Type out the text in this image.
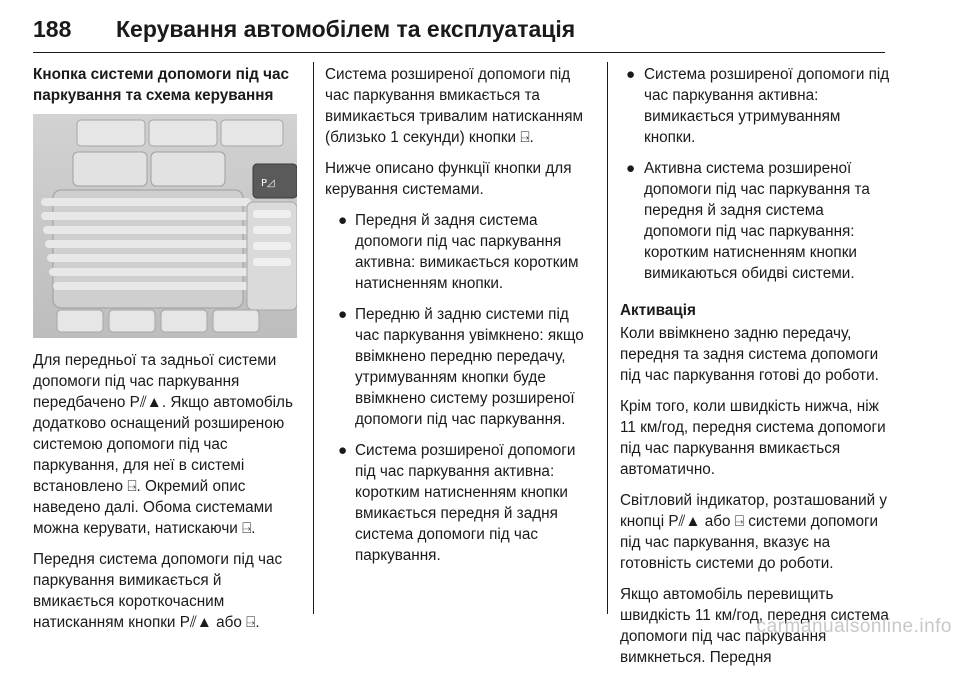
188 Керування автомобілем та експлуатація
Кнопка системи допомоги під час паркування та схема керування
P◿

Для передньої та задньої системи допомоги під час паркування передбачено P⫽▲. Якщо автомобіль додатково оснащений розширеною системою допомоги під час паркування, для неї в системі встановлено ⍈. Окремий опис наведено далі. Обома системами можна керувати, натискаючи ⍈.

Передня система допомоги під час паркування вимикається й вмикається короткочасним натисканням кнопки P⫽▲ або ⍈.

Система розширеної допомоги під час паркування вмикається та вимикається тривалим натисканням (близько 1 секунди) кнопки ⍈.

Нижче описано функції кнопки для керування системами.

● Передня й задня система допомоги під час паркування активна: вимикається коротким натисненням кнопки.
● Передню й задню системи під час паркування увімкнено: якщо ввімкнено передню передачу, утримуванням кнопки буде ввімкнено систему розширеної допомоги під час паркування.
● Система розширеної допомоги під час паркування активна: коротким натисненням кнопки вмикається передня й задня система допомоги під час паркування.
● Система розширеної допомоги під час паркування активна: вимикається утримуванням кнопки.
● Активна система розширеної допомоги під час паркування та передня й задня система допомоги під час паркування: коротким натисненням кнопки вимикаються обидві системи.
Активація

Коли ввімкнено задню передачу, передня та задня система допомоги під час паркування готові до роботи.

Крім того, коли швидкість нижча, ніж 11 км/год, передня система допомоги під час паркування вмикається автоматично.

Світловий індикатор, розташований у кнопці P⫽▲ або ⍈ системи допомоги під час паркування, вказує на готовність системи до роботи.

Якщо автомобіль перевищить швидкість 11 км/год, передня система допомоги під час паркування вимкнеться. Передня

carmanualsonline.info
